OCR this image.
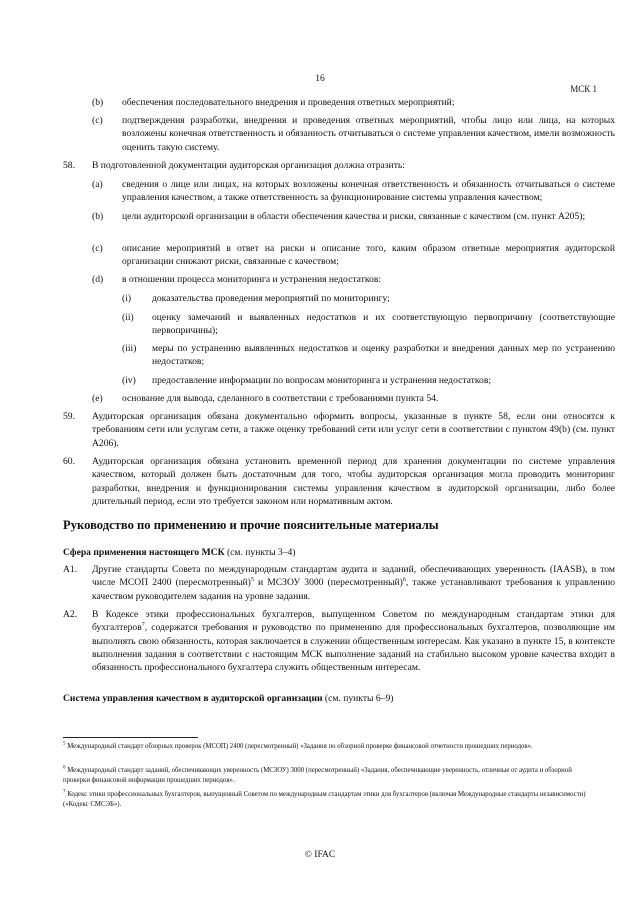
16
МСК 1
(b) обеспечения последовательного внедрения и проведения ответных мероприятий;
(c) подтверждения разработки, внедрения и проведения ответных мероприятий, чтобы лицо или лица, на которых возложены конечная ответственность и обязанность отчитываться о системе управления качеством, имели возможность оценить такую систему.
58. В подготовленной документации аудиторская организация должна отразить:
(a) сведения о лице или лицах, на которых возложены конечная ответственность и обязанность отчитываться о системе управления качеством, а также ответственность за функционирование системы управления качеством;
(b) цели аудиторской организации в области обеспечения качества и риски, связанные с качеством (см. пункт A205);
(c) описание мероприятий в ответ на риски и описание того, каким образом ответные мероприятия аудиторской организации снижают риски, связанные с качеством;
(d) в отношении процесса мониторинга и устранения недостатков:
(i) доказательства проведения мероприятий по мониторингу;
(ii) оценку замечаний и выявленных недостатков и их соответствующую первопричину (соответствующие первопричины);
(iii) меры по устранению выявленных недостатков и оценку разработки и внедрения данных мер по устранению недостатков;
(iv) предоставление информации по вопросам мониторинга и устранения недостатков;
(e) основание для вывода, сделанного в соответствии с требованиями пункта 54.
59. Аудиторская организация обязана документально оформить вопросы, указанные в пункте 58, если они относятся к требованиям сети или услугам сети, а также оценку требований сети или услуг сети в соответствии с пунктом 49(b) (см. пункт A206).
60. Аудиторская организация обязана установить временной период для хранения документации по системе управления качеством, который должен быть достаточным для того, чтобы аудиторская организация могла проводить мониторинг разработки, внедрения и функционирования системы управления качеством в аудиторской организации, либо более длительный период, если это требуется законом или нормативным актом.
Руководство по применению и прочие пояснительные материалы
Сфера применения настоящего МСК (см. пункты 3–4)
A1. Другие стандарты Совета по международным стандартам аудита и заданий, обеспечивающих уверенность (IAASB), в том числе МСОП 2400 (пересмотренный)$^5$ и МСЗОУ 3000 (пересмотренный)$^6$, также устанавливают требования к управлению качеством руководителем задания на уровне задания.
A2. В Кодексе этики профессиональных бухгалтеров, выпущенном Советом по международным стандартам этики для бухгалтеров$^7$, содержатся требования и руководство по применению для профессиональных бухгалтеров, позволяющие им выполнять свою обязанность, которая заключается в служении общественным интересам. Как указано в пункте 15, в контексте выполнения задания в соответствии с настоящим МСК выполнение заданий на стабильно высоком уровне качества входит в обязанность профессионального бухгалтера служить общественным интересам.
Система управления качеством в аудиторской организации (см. пункты 6–9)
$^5$ Международный стандарт обзорных проверок (МСОП) 2400 (пересмотренный) «Задания по обзорной проверке финансовой отчетности прошедших периодов».
$^6$ Международный стандарт заданий, обеспечивающих уверенность (МСЗОУ) 3000 (пересмотренный) «Задания, обеспечивающие уверенность, отличные от аудита и обзорной проверки финансовой информации прошедших периодов».
$^7$ Кодекс этики профессиональных бухгалтеров, выпущенный Советом по международным стандартам этики для бухгалтеров (включая Международные стандарты независимости) («Кодекс СМСЭБ»).
© IFAC
